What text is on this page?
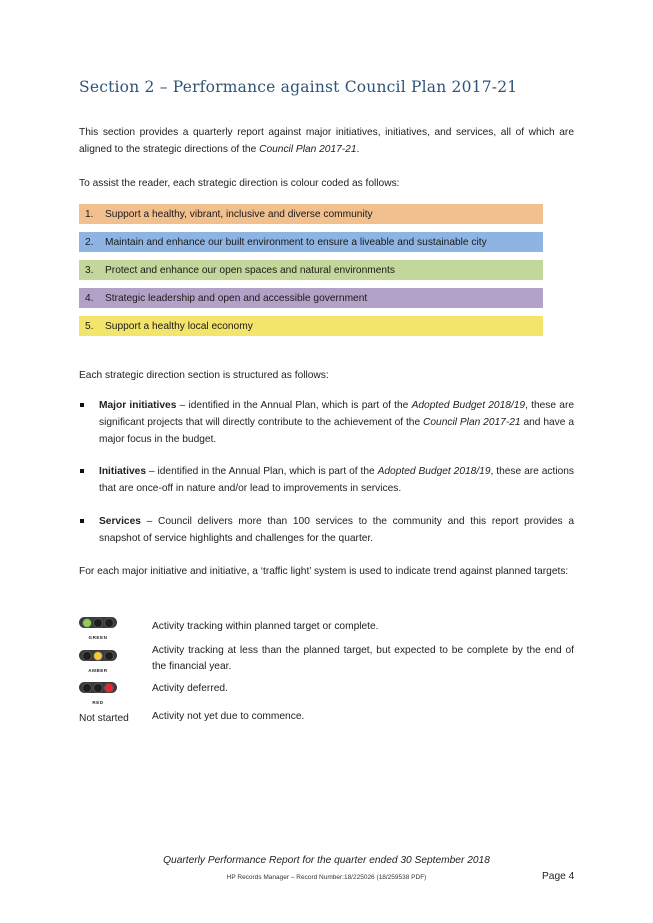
Section 2 – Performance against Council Plan 2017-21

This section provides a quarterly report against major initiatives, initiatives, and services, all of which are aligned to the strategic directions of the Council Plan 2017-21.

To assist the reader, each strategic direction is colour coded as follows:

1.	Support a healthy, vibrant, inclusive and diverse community
2.	Maintain and enhance our built environment to ensure a liveable and sustainable city
3.	Protect and enhance our open spaces and natural environments
4.	Strategic leadership and open and accessible government
5.	Support a healthy local economy

Each strategic direction section is structured as follows:

Major initiatives – identified in the Annual Plan, which is part of the Adopted Budget 2018/19, these are significant projects that will directly contribute to the achievement of the Council Plan 2017-21 and have a major focus in the budget.
Initiatives – identified in the Annual Plan, which is part of the Adopted Budget 2018/19, these are actions that are once-off in nature and/or lead to improvements in services.
Services – Council delivers more than 100 services to the community and this report provides a snapshot of service highlights and challenges for the quarter.

For each major initiative and initiative, a ‘traffic light’ system is used to indicate trend against planned targets:

GREEN
Activity tracking within planned target or complete.
AMBER
Activity tracking at less than the planned target, but expected to be complete by the end of the financial year.
RED
Activity deferred.
Not started Activity not yet due to commence.
Quarterly Performance Report for the quarter ended 30 September 2018
HP Records Manager – Record Number:18/225026 (18/259538 PDF)	Page 4
